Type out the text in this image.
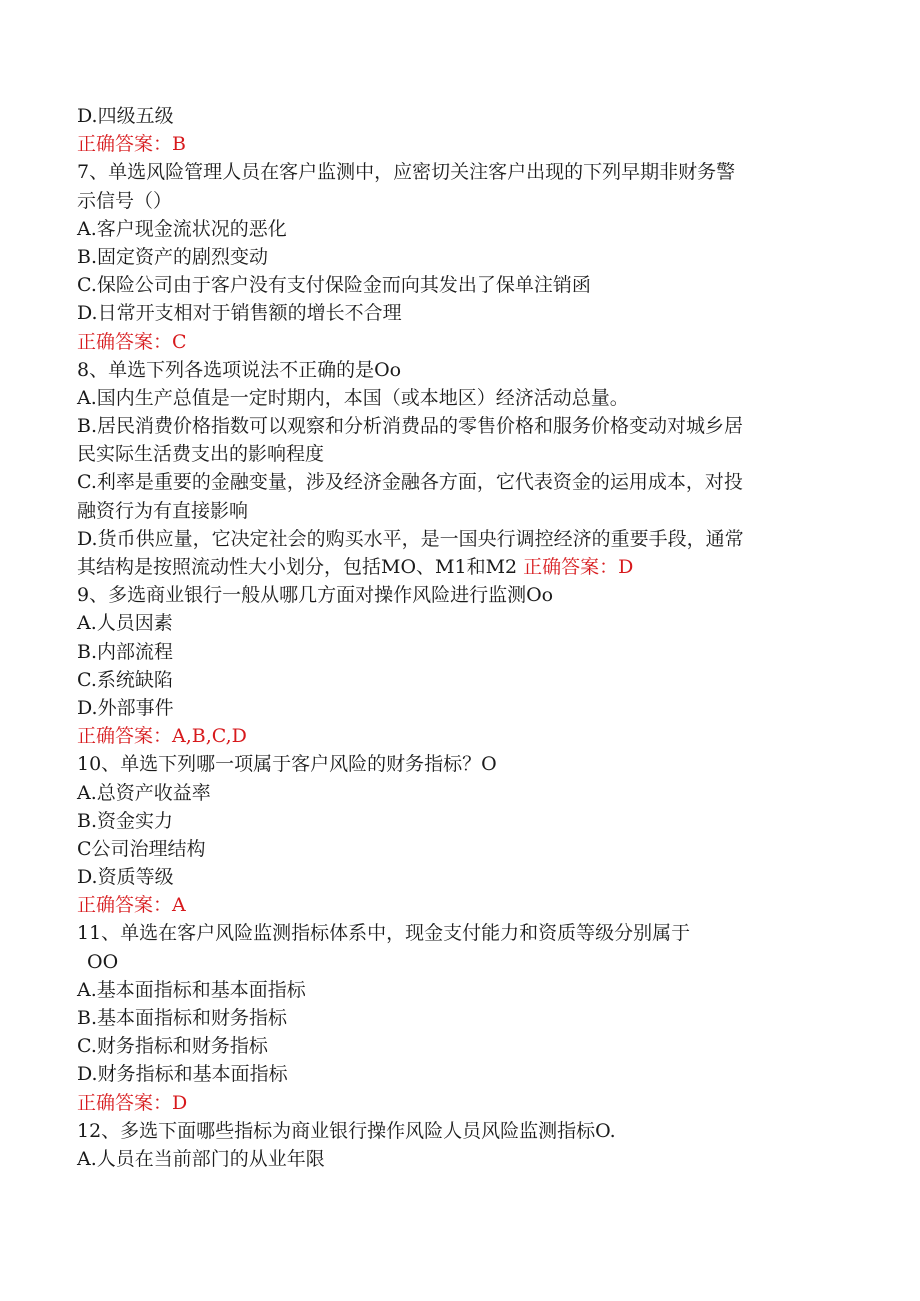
D.四级五级
正确答案：B
7、单选风险管理人员在客户监测中，应密切关注客户出现的下列早期非财务警
示信号（）
A.客户现金流状况的恶化
B.固定资产的剧烈变动
C.保险公司由于客户没有支付保险金而向其发出了保单注销函
D.日常开支相对于销售额的增长不合理
正确答案：C
8、单选下列各选项说法不正确的是Oo
A.国内生产总值是一定时期内，本国（或本地区）经济活动总量。
B.居民消费价格指数可以观察和分析消费品的零售价格和服务价格变动对城乡居
民实际生活费支出的影响程度
C.利率是重要的金融变量，涉及经济金融各方面，它代表资金的运用成本，对投
融资行为有直接影响
D.货币供应量，它决定社会的购买水平，是一国央行调控经济的重要手段，通常
其结构是按照流动性大小划分，包括MO、M1和M2 正确答案：D
9、多选商业银行一般从哪几方面对操作风险进行监测Oo
A.人员因素
B.内部流程
C.系统缺陷
D.外部事件
正确答案：A,B,C,D
10、单选下列哪一项属于客户风险的财务指标？O
A.总资产收益率
B.资金实力
C公司治理结构
D.资质等级
正确答案：A
11、单选在客户风险监测指标体系中，现金支付能力和资质等级分别属于
OO
A.基本面指标和基本面指标
B.基本面指标和财务指标
C.财务指标和财务指标
D.财务指标和基本面指标
正确答案：D
12、多选下面哪些指标为商业银行操作风险人员风险监测指标O.
A.人员在当前部门的从业年限
